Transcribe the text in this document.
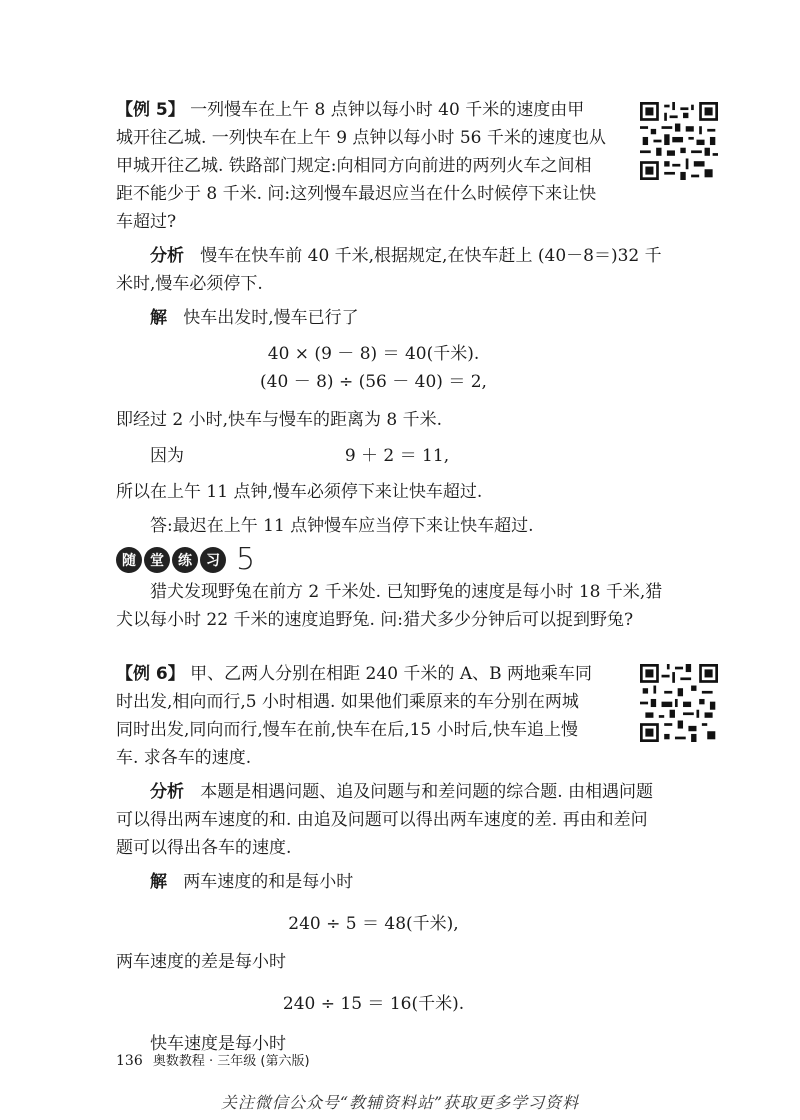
【例 5】 一列慢车在上午 8 点钟以每小时 40 千米的速度由甲

城开往乙城. 一列快车在上午 9 点钟以每小时 56 千米的速度也从

甲城开往乙城. 铁路部门规定:向相同方向前进的两列火车之间相

距不能少于 8 千米. 问:这列慢车最迟应当在什么时候停下来让快

车超过?

分析 慢车在快车前 40 千米,根据规定,在快车赶上 (40－8＝)32 千

米时,慢车必须停下.

解 快车出发时,慢车已行了

40 × (9 － 8) ＝ 40(千米).

(40 － 8) ÷ (56 － 40) ＝ 2,

即经过 2 小时,快车与慢车的距离为 8 千米.

因为	9 ＋ 2 ＝ 11,

所以在上午 11 点钟,慢车必须停下来让快车超过.

答:最迟在上午 11 点钟慢车应当停下来让快车超过.

随	堂	练	习 5

猎犬发现野兔在前方 2 千米处. 已知野兔的速度是每小时 18 千米,猎

犬以每小时 22 千米的速度追野兔. 问:猎犬多少分钟后可以捉到野兔?

【例 6】 甲、乙两人分别在相距 240 千米的 A、B 两地乘车同

时出发,相向而行,5 小时相遇. 如果他们乘原来的车分别在两城

同时出发,同向而行,慢车在前,快车在后,15 小时后,快车追上慢

车. 求各车的速度.

分析 本题是相遇问题、追及问题与和差问题的综合题. 由相遇问题

可以得出两车速度的和. 由追及问题可以得出两车速度的差. 再由和差问

题可以得出各车的速度.

解 两车速度的和是每小时

240 ÷ 5 ＝ 48(千米),

两车速度的差是每小时

240 ÷ 15 ＝ 16(千米).

快车速度是每小时

136 奥数教程 · 三年级 (第六版)
关注微信公众号“教辅资料站”获取更多学习资料
